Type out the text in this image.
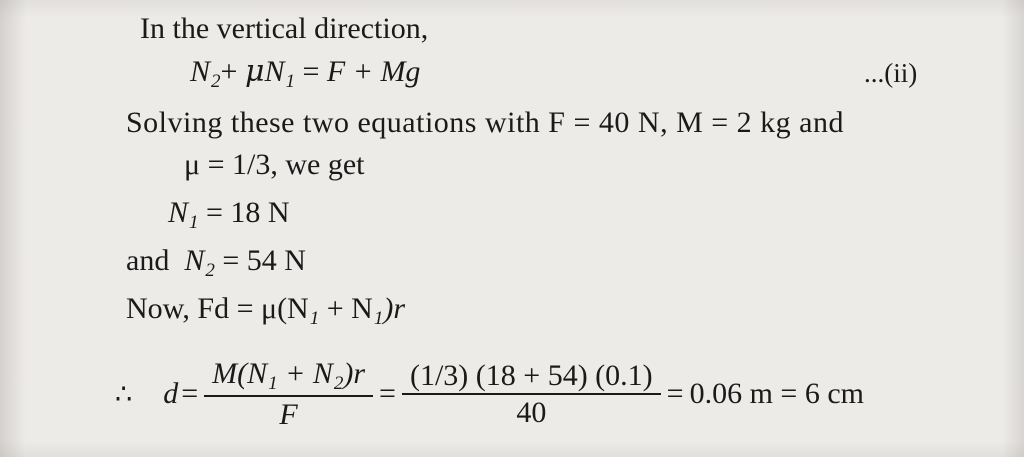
In the vertical direction,
$N_2+ \mu N_1 = F + Mg$	...(ii)
Solving these two equations with F = 40 N, M = 2 kg and
μ = 1/3, we get
$N_1 = 18$ N
and $N_2 = 54$ N
Now, $Fd = \mu(N_1 + N_1)r$
∴ $d = \frac{M(N_1 + N_2)r}{F} = \frac{(1/3) (18 + 54) (0.1)}{40} = 0.06$ m = 6 cm
